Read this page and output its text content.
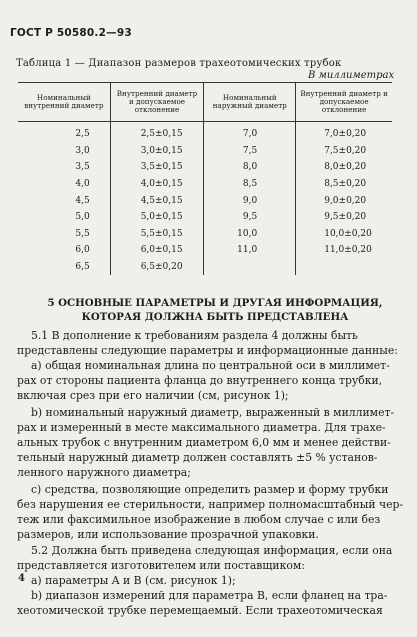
ГОСТ Р 50580.2—93
Таблица 1 — Диапазон размеров трахеотомических трубок
В миллиметрах
Номинальный внутренний диаметр	Внутренний диаметр и допускаемое отклонение	Номинальный наружный диаметр	Внутренний диаметр и допускаемое отклонение
2,5	2,5±0,15	7,0	7,0±0,20
3,0	3,0±0,15	7,5	7,5±0,20
3,5	3,5±0,15	8,0	8,0±0,20
4,0	4,0±0,15	8,5	8,5±0,20
4,5	4,5±0,15	9,0	9,0±0,20
5,0	5,0±0,15	9,5	9,5±0,20
5,5	5,5±0,15	10,0	10,0±0,20
6,0	6,0±0,15	11,0	11,0±0,20
6,5	6,5±0,20		
5 ОСНОВНЫЕ ПАРАМЕТРЫ И ДРУГАЯ ИНФОРМАЦИЯ,
КОТОРАЯ ДОЛЖНА БЫТЬ ПРЕДСТАВЛЕНА
5.1 В дополнение к требованиям раздела 4 должны быть
представлены следующие параметры и информационные данные:
а) общая номинальная длина по центральной оси в миллимет-
рах от стороны пациента фланца до внутреннего конца трубки,
включая срез при его наличии (см, рисунок 1);
b) номинальный наружный диаметр, выраженный в миллимет-
рах и измеренный в месте максимального диаметра. Для трахе-
альных трубок с внутренним диаметром 6,0 мм и менее действи-
тельный наружный диаметр должен составлять ±5 % установ-
ленного наружного диаметра;
с) средства, позволяющие определить размер и форму трубки
без нарушения ее стерильности, например полномасштабный чер-
теж или факсимильное изображение в любом случае с или без
размеров, или использование прозрачной упаковки.
5.2 Должна быть приведена следующая информация, если она
представляется изготовителем или поставщиком:
а) параметры A и B (см. рисунок 1);
b) диапазон измерений для параметра B, если фланец на тра-
хеотомической трубке перемещаемый. Если трахеотомическая
4
